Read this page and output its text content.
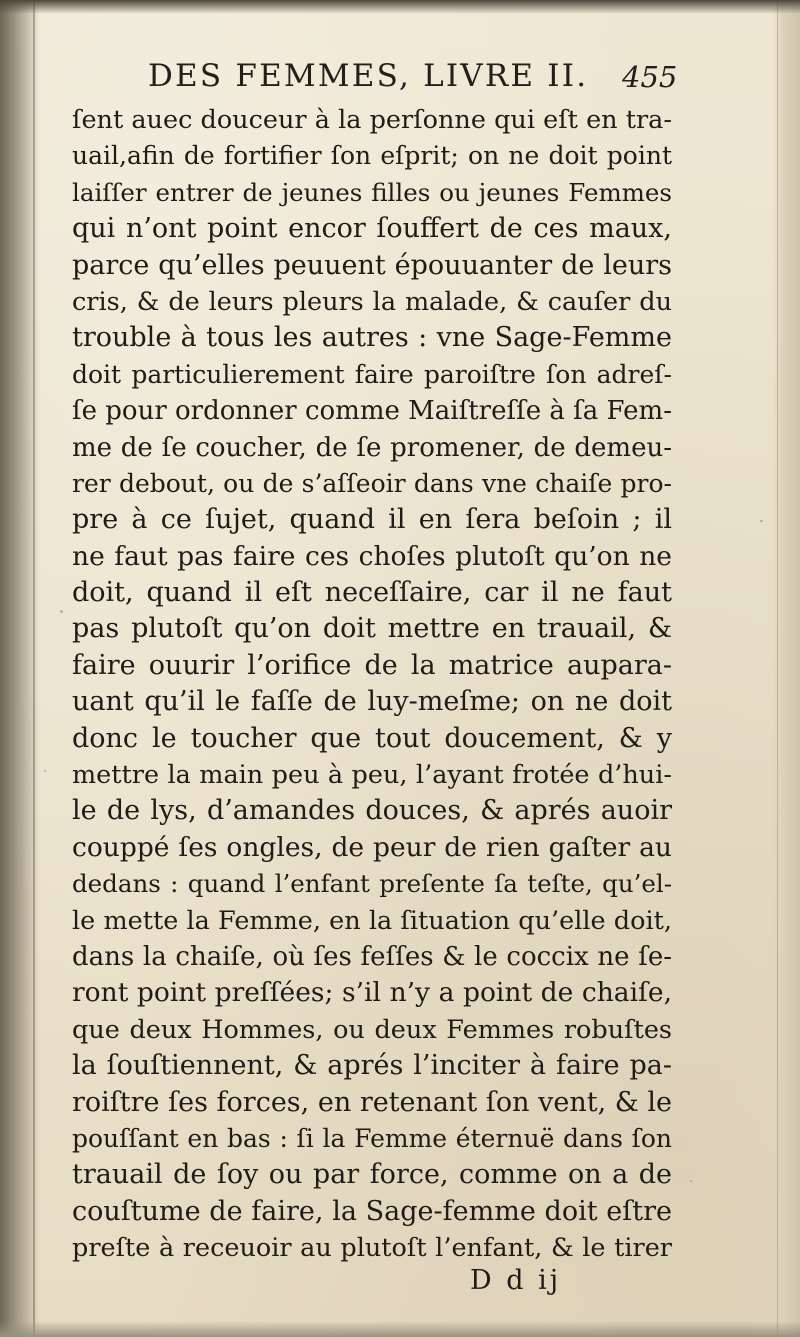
DES FEMMES, LIVRE II. 455
ſent auec douceur à la perſonne qui eſt en tra-
uail,afin de fortifier ſon eſprit; on ne doit point
laiſſer entrer de jeunes filles ou jeunes Femmes
qui n’ont point encor ſouffert de ces maux,
parce qu’elles peuuent épouuanter de leurs
cris, & de leurs pleurs la malade, & cauſer du
trouble à tous les autres : vne Sage-Femme
doit particulierement faire paroiſtre ſon adreſ-
ſe pour ordonner comme Maiſtreſſe à ſa Fem-
me de ſe coucher, de ſe promener, de demeu-
rer debout, ou de s’aſſeoir dans vne chaiſe pro-
pre à ce ſujet, quand il en ſera beſoin ; il
ne faut pas faire ces choſes plutoſt qu’on ne
doit, quand il eſt neceſſaire, car il ne faut
pas plutoſt qu’on doit mettre en trauail, &
faire ouurir l’orifice de la matrice aupara-
uant qu’il le faſſe de luy-meſme; on ne doit
donc le toucher que tout doucement, & y
mettre la main peu à peu, l’ayant frotée d’hui-
le de lys, d’amandes douces, & aprés auoir
couppé ſes ongles, de peur de rien gaſter au
dedans : quand l’enfant preſente ſa teſte, qu’el-
le mette la Femme, en la ſituation qu’elle doit,
dans la chaiſe, où ſes feſſes & le coccix ne ſe-
ront point preſſées; s’il n’y a point de chaiſe,
que deux Hommes, ou deux Femmes robuſtes
la ſouſtiennent, & aprés l’inciter à faire pa-
roiſtre ſes forces, en retenant ſon vent, & le
pouſſant en bas : ſi la Femme éternuë dans ſon
trauail de ſoy ou par force, comme on a de
couſtume de faire, la Sage-femme doit eſtre
preſte à receuoir au plutoſt l’enfant, & le tirer
D d ij
